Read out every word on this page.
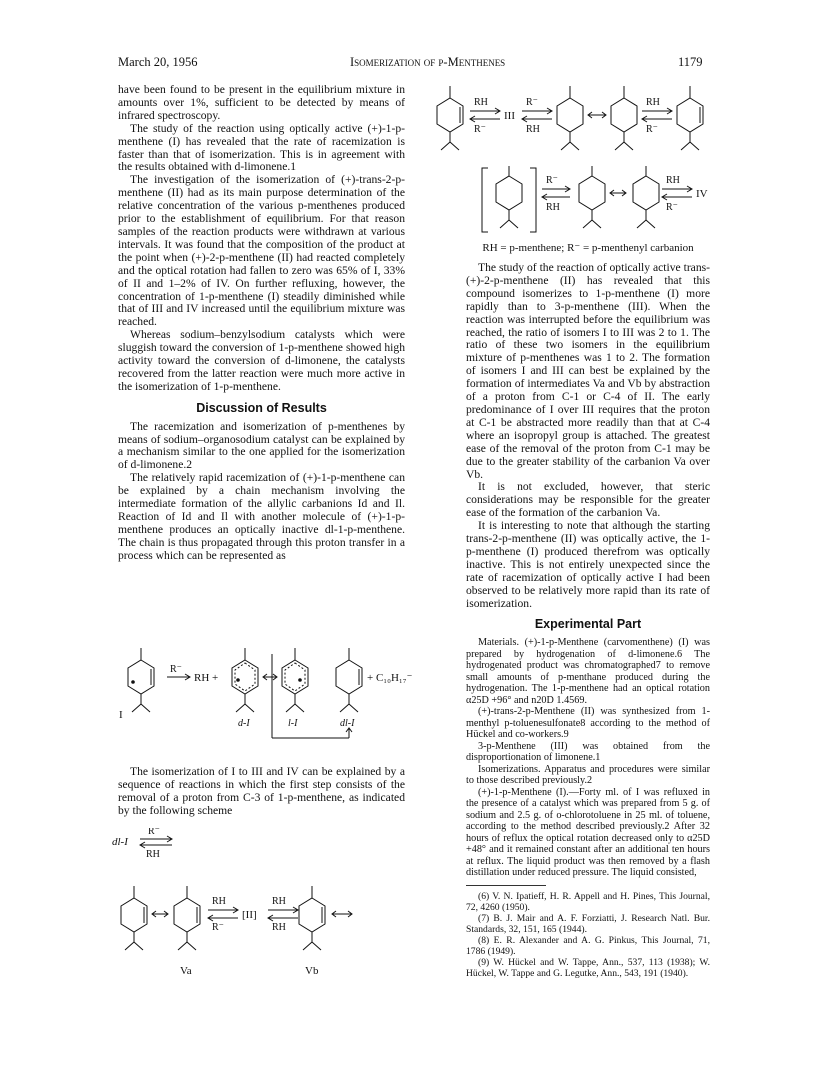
March 20, 1956	Isomerization of p-Menthenes	1179

have been found to be present in the equilibrium mixture in amounts over 1%, sufficient to be detected by means of infrared spectroscopy.

The study of the reaction using optically active (+)-1-p-menthene (I) has revealed that the rate of racemization is faster than that of isomerization. This is in agreement with the results obtained with d-limonene.1

The investigation of the isomerization of (+)-trans-2-p-menthene (II) had as its main purpose determination of the relative concentration of the various p-menthenes produced prior to the establishment of equilibrium. For that reason samples of the reaction products were withdrawn at various intervals. It was found that the composition of the product at the point when (+)-2-p-menthene (II) had reacted completely and the optical rotation had fallen to zero was 65% of I, 33% of II and 1–2% of IV. On further refluxing, however, the concentration of 1-p-menthene (I) steadily diminished while that of III and IV increased until the equilibrium mixture was reached.

Whereas sodium–benzylsodium catalysts which were sluggish toward the conversion of 1-p-menthene showed high activity toward the conversion of d-limonene, the catalysts recovered from the latter reaction were much more active in the isomerization of 1-p-menthene.

Discussion of Results

The racemization and isomerization of p-menthenes by means of sodium–organosodium catalyst can be explained by a mechanism similar to the one applied for the isomerization of d-limonene.2

The relatively rapid racemization of (+)-1-p-menthene can be explained by a chain mechanism involving the intermediate formation of the allylic carbanions Id and Il. Reaction of Id and Il with another molecule of (+)-1-p-menthene produces an optically inactive dl-1-p-menthene. The chain is thus propagated through this proton transfer in a process which can be represented as

R⁻
RH +	+ C₁₀H₁₇⁻
I
d-I	l-I	dl-I

The isomerization of I to III and IV can be explained by a sequence of reactions in which the first step consists of the removal of a proton from C-3 of 1-p-menthene, as indicated by the following scheme

dl-I
R⁻
RH
RH
R⁻
[II]
RH
RH
Va	Vb
RH
R⁻
III
R⁻
RH
RH
R⁻
R⁻
RH
RH
R⁻
IV
RH = p-menthene; R⁻ = p-menthenyl carbanion

The study of the reaction of optically active trans-(+)-2-p-menthene (II) has revealed that this compound isomerizes to 1-p-menthene (I) more rapidly than to 3-p-menthene (III). When the reaction was interrupted before the equilibrium was reached, the ratio of isomers I to III was 2 to 1. The ratio of these two isomers in the equilibrium mixture of p-menthenes was 1 to 2. The formation of isomers I and III can best be explained by the formation of intermediates Va and Vb by abstraction of a proton from C-1 or C-4 of II. The early predominance of I over III requires that the proton at C-1 be abstracted more readily than that at C-4 where an isopropyl group is attached. The greatest ease of the removal of the proton from C-1 may be due to the greater stability of the carbanion Va over Vb.

It is not excluded, however, that steric considerations may be responsible for the greater ease of the formation of the carbanion Va.

It is interesting to note that although the starting trans-2-p-menthene (II) was optically active, the 1-p-menthene (I) produced therefrom was optically inactive. This is not entirely unexpected since the rate of racemization of optically active I had been observed to be relatively more rapid than its rate of isomerization.

Experimental Part

Materials. (+)-1-p-Menthene (carvomenthene) (I) was prepared by hydrogenation of d-limonene.6 The hydrogenated product was chromatographed7 to remove small amounts of p-menthane produced during the hydrogenation. The 1-p-menthene had an optical rotation α25D +96° and n20D 1.4569.

(+)-trans-2-p-Menthene (II) was synthesized from 1-menthyl p-toluenesulfonate8 according to the method of Hückel and co-workers.9

3-p-Menthene (III) was obtained from the disproportionation of limonene.1

Isomerizations. Apparatus and procedures were similar to those described previously.2

(+)-1-p-Menthene (I).—Forty ml. of I was refluxed in the presence of a catalyst which was prepared from 5 g. of sodium and 2.5 g. of o-chlorotoluene in 25 ml. of toluene, according to the method described previously.2 After 32 hours of reflux the optical rotation decreased only to α25D +48° and it remained constant after an additional ten hours at reflux. The liquid product was then removed by a flash distillation under reduced pressure. The liquid consisted,

(6) V. N. Ipatieff, H. R. Appell and H. Pines, This Journal, 72, 4260 (1950).

(7) B. J. Mair and A. F. Forziatti, J. Research Natl. Bur. Standards, 32, 151, 165 (1944).

(8) E. R. Alexander and A. G. Pinkus, This Journal, 71, 1786 (1949).

(9) W. Hückel and W. Tappe, Ann., 537, 113 (1938); W. Hückel, W. Tappe and G. Legutke, Ann., 543, 191 (1940).
